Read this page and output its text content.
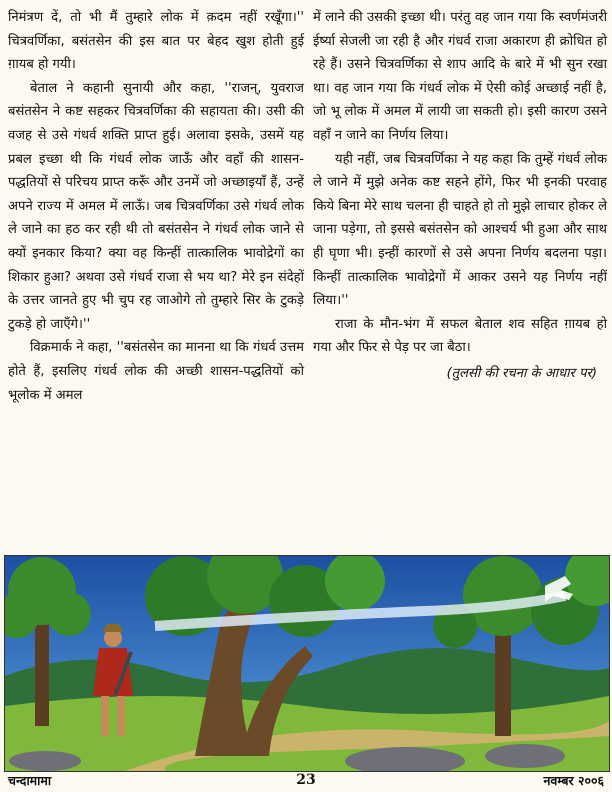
निमंत्रण दें, तो भी मैं तुम्हारे लोक में क़दम नहीं रखूँगा।'' चित्रवर्णिका, बसंतसेन की इस बात पर बेहद खुश होती हुई ग़ायब हो गयी।

बेताल ने कहानी सुनायी और कहा, ''राजन्, युवराज बसंतसेन ने कष्ट सहकर चित्रवर्णिका की सहायता की। उसी की वजह से उसे गंधर्व शक्ति प्राप्त हुई। अलावा इसके, उसमें यह प्रबल इच्छा थी कि गंधर्व लोक जाऊँ और वहाँ की शासन-पद्धतियों से परिचय प्राप्त करूँ और उनमें जो अच्छाइयाँ हैं, उन्हें अपने राज्य में अमल में लाऊँ। जब चित्रवर्णिका उसे गंधर्व लोक ले जाने का हठ कर रही थी तो बसंतसेन ने गंधर्व लोक जाने से क्यों इनकार किया? क्या वह किन्हीं तात्कालिक भावोद्रेगों का शिकार हुआ? अथवा उसे गंधर्व राजा से भय था? मेरे इन संदेहों के उत्तर जानते हुए भी चुप रह जाओगे तो तुम्हारे सिर के टुकड़े टुकड़े हो जाएँगे।''

विक्रमार्क ने कहा, ''बसंतसेन का मानना था कि गंधर्व उत्तम होते हैं, इसलिए गंधर्व लोक की अच्छी शासन-पद्धतियों को भूलोक में अमल

में लाने की उसकी इच्छा थी। परंतु वह जान गया कि स्वर्णमंजरी ईर्ष्या सेजली जा रही है और गंधर्व राजा अकारण ही क्रोधित हो रहे हैं। उसने चित्रवर्णिका से शाप आदि के बारे में भी सुन रखा था। वह जान गया कि गंधर्व लोक में ऐसी कोई अच्छाई नहीं है, जो भू लोक में अमल में लायी जा सकती हो। इसी कारण उसने वहाँ न जाने का निर्णय लिया।

यही नहीं, जब चित्रवर्णिका ने यह कहा कि तुम्हें गंधर्व लोक ले जाने में मुझे अनेक कष्ट सहने होंगे, फिर भी इनकी परवाह किये बिना मेरे साथ चलना ही चाहते हो तो मुझे लाचार होकर ले जाना पड़ेगा, तो इससे बसंतसेन को आश्चर्य भी हुआ और साथ ही घृणा भी। इन्हीं कारणों से उसे अपना निर्णय बदलना पड़ा। किन्हीं तात्कालिक भावोद्रेगों में आकर उसने यह निर्णय नहीं लिया।''

राजा के मौन-भंग में सफल बेताल शव सहित ग़ायब हो गया और फिर से पेड़ पर जा बैठा।

(तुलसी की रचना के आधार पर)

चन्दामामा	23	नवम्बर २००६
